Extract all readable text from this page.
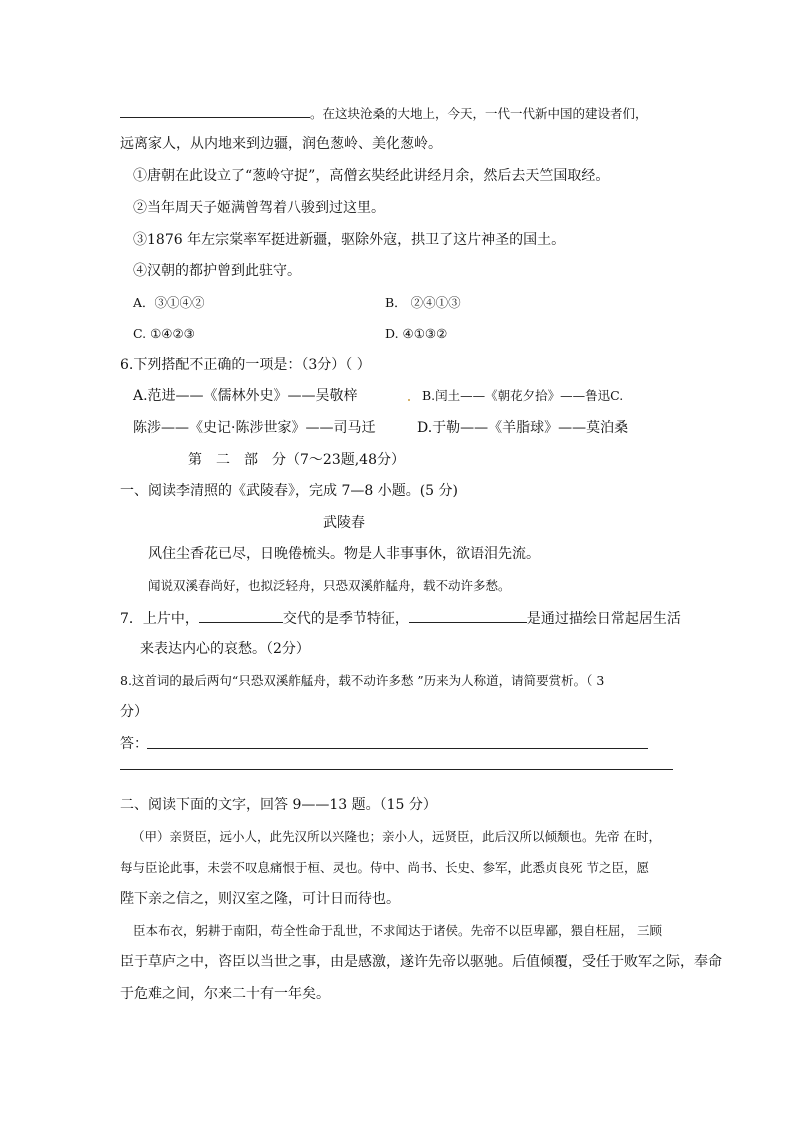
。在这块沧桑的大地上，今天，一代一代新中国的建设者们，
远离家人，从内地来到边疆，润色葱岭、美化葱岭。
①唐朝在此设立了“葱岭守捉”，高僧玄奘经此讲经月余，然后去天竺国取经。
②当年周天子姬满曾驾着八骏到过这里。
③1876 年左宗棠率军挺进新疆，驱除外寇，拱卫了这片神圣的国土。
④汉朝的都护曾到此驻守。
A．③①④②	B． ②④①③
C. ①④②③	D. ④①③②
6.下列搭配不正确的一项是：（3分）（ ）
A.范进——《儒林外史》——吴敬梓	B.闰土——《朝花夕拾》——鲁迅C.
陈涉——《史记·陈涉世家》——司马迁	D.于勒——《羊脂球》——莫泊桑
第　二　部　分（7～23题,48分）
一、阅读李清照的《武陵春》，完成 7—8 小题。(5 分)
武陵春
风住尘香花已尽，日晚倦梳头。物是人非事事休，欲语泪先流。
闻说双溪春尚好，也拟泛轻舟，只恐双溪舴艋舟，载不动许多愁。
7．上片中，	交代的是季节特征，	是通过描绘日常起居生活
来表达内心的哀愁。（2分）
8.这首词的最后两句“只恐双溪舴艋舟，载不动许多愁 ”历来为人称道，请简要赏析。（ 3
分）
答：
二、阅读下面的文字，回答 9——13 题。（15 分）
（甲）亲贤臣，远小人，此先汉所以兴隆也；亲小人，远贤臣，此后汉所以倾颓也。先帝 在时，
每与臣论此事，未尝不叹息痛恨于桓、灵也。侍中、尚书、长史、参军，此悉贞良死 节之臣，愿
陛下亲之信之，则汉室之隆，可计日而待也。
臣本布衣，躬耕于南阳，苟全性命于乱世，不求闻达于诸侯。先帝不以臣卑鄙，猥自枉屈， 三顾
臣于草庐之中，咨臣以当世之事，由是感激，遂许先帝以驱驰。后值倾覆，受任于败军之际，奉命
于危难之间，尔来二十有一年矣。
